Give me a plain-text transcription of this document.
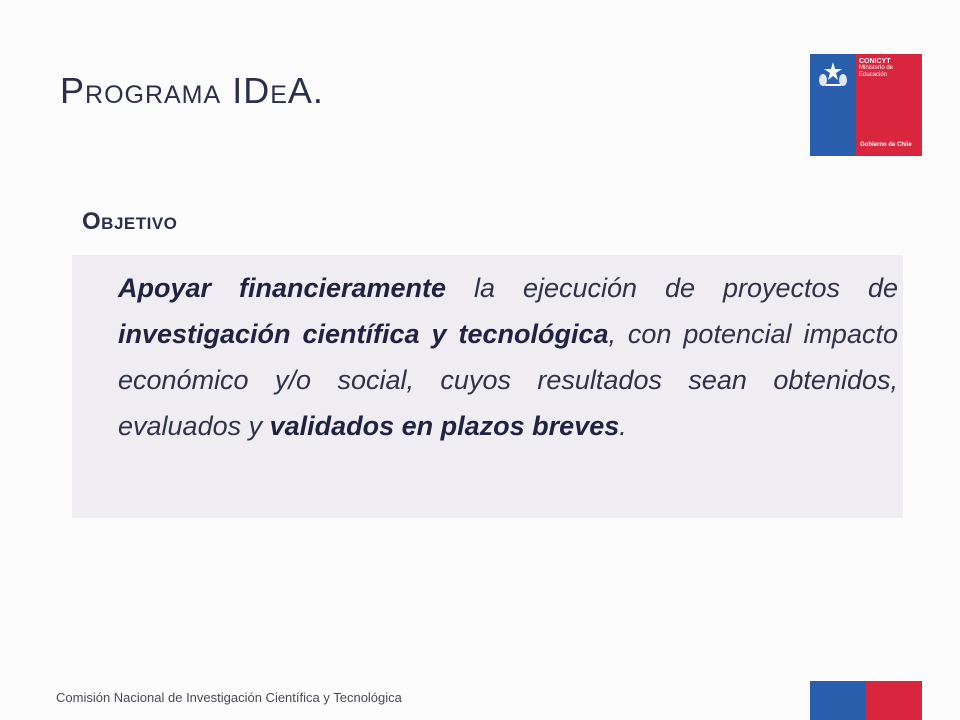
Programa IDeA.
CONICYT
Ministerio de
Educación
Gobierno de Chile
Objetivo
Apoyar financieramente la ejecución de proyectos de investigación científica y tecnológica, con potencial impacto económico y/o social, cuyos resultados sean obtenidos, evaluados y validados en plazos breves.
Comisión Nacional de Investigación Científica y Tecnológica
